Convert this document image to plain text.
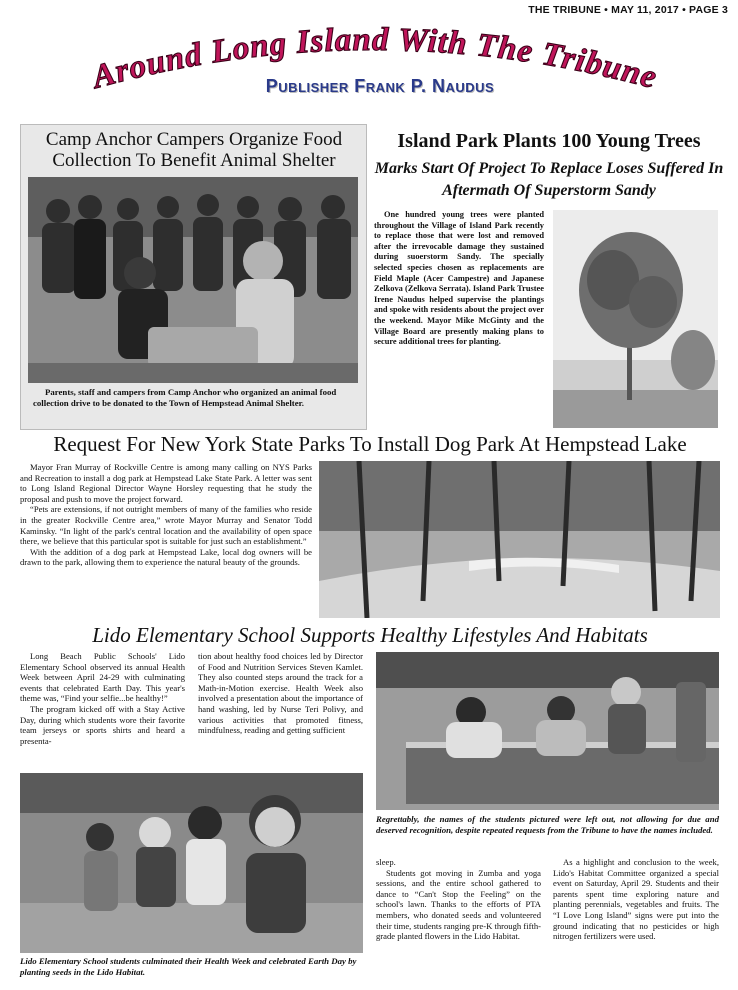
THE TRIBUNE • MAY 11, 2017 • PAGE 3
Around Long Island With The Tribune
Publisher Frank P. Naudus
Camp Anchor Campers Organize Food Collection To Benefit Animal Shelter
Parents, staff and campers from Camp Anchor who organized an animal food collection drive to be donated to the Town of Hempstead Animal Shelter.
Island Park Plants 100 Young Trees
Marks Start Of Project To Replace Loses Suffered In Aftermath Of Superstorm Sandy

One hundred young trees were planted throughout the Village of Island Park recently to replace those that were lost and removed after the irrevocable damage they sustained during suoerstorm Sandy. The specially selected species chosen as replacements are Field Maple (Acer Campestre) and Japanese Zelkova (Zelkova Serrata). Island Park Trustee Irene Naudus helped supervise the plantings and spoke with residents about the project over the weekend. Mayor Mike McGinty and the Village Board are presently making plans to secure additional trees for planting.

Request For New York State Parks To Install Dog Park At Hempstead Lake

Mayor Fran Murray of Rockville Centre is among many calling on NYS Parks and Recreation to install a dog park at Hempstead Lake State Park. A letter was sent to Long Island Regional Director Wayne Horsley requesting that he study the proposal and push to move the project forward.

“Pets are extensions, if not outright members of many of the families who reside in the greater Rockville Centre area,” wrote Mayor Murray and Senator Todd Kaminsky. “In light of the park's central location and the availability of open space there, we believe that this particular spot is suitable for just such an establishment.”

With the addition of a dog park at Hempstead Lake, local dog owners will be drawn to the park, allowing them to experience the natural beauty of the grounds.

Lido Elementary School Supports Healthy Lifestyles And Habitats

Long Beach Public Schools' Lido Elementary School observed its annual Health Week between April 24-29 with culminating events that celebrated Earth Day. This year's theme was, “Find your selfie...be healthy!”

The program kicked off with a Stay Active Day, during which students wore their favorite team jerseys or sports shirts and heard a presenta-

tion about healthy food choices led by Director of Food and Nutrition Services Steven Kamlet. They also counted steps around the track for a Math-in-Motion exercise. Health Week also involved a presentation about the importance of hand washing, led by Nurse Teri Polivy, and various activities that promoted fitness, mindfulness, reading and getting sufficient

Lido Elementary School students culminated their Health Week and celebrated Earth Day by planting seeds in the Lido Habitat.
Regrettably, the names of the students pictured were left out, not allowing for due and deserved recognition, despite repeated requests from the Tribune to have the names included.

sleep.

Students got moving in Zumba and yoga sessions, and the entire school gathered to dance to “Can't Stop the Feeling” on the school's lawn. Thanks to the efforts of PTA members, who donated seeds and volunteered their time, students ranging pre-K through fifth-grade planted flowers in the Lido Habitat.

As a highlight and conclusion to the week, Lido's Habitat Committee organized a special event on Saturday, April 29. Students and their parents spent time exploring nature and planting perennials, vegetables and fruits. The “I Love Long Island” signs were put into the ground indicating that no pesticides or high nitrogen fertilizers were used.
